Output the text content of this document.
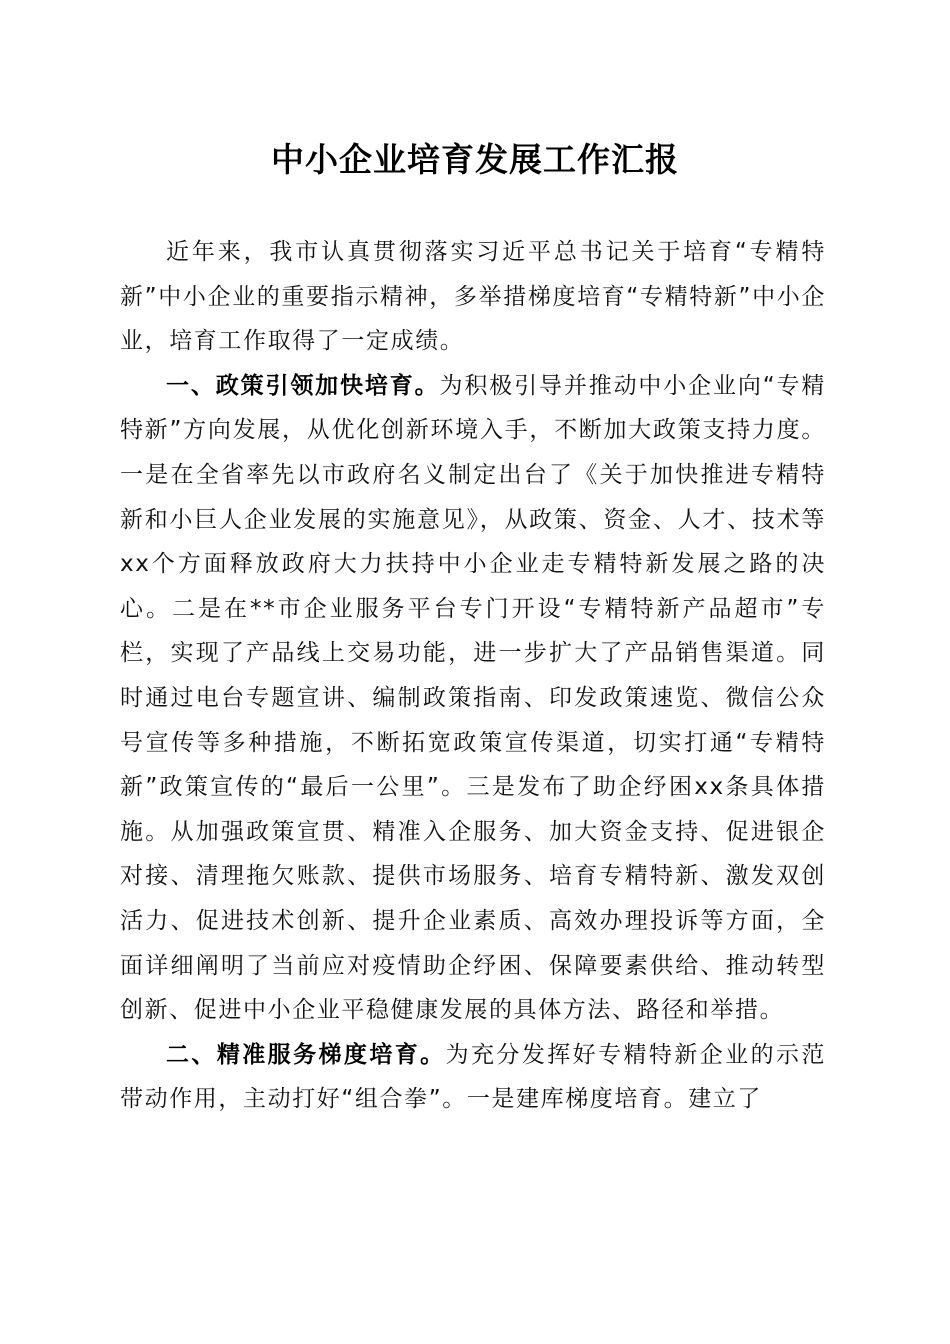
中小企业培育发展工作汇报

近年来，我市认真贯彻落实习近平总书记关于培育“专精特新”中小企业的重要指示精神，多举措梯度培育“专精特新”中小企业，培育工作取得了一定成绩。

一、政策引领加快培育。为积极引导并推动中小企业向“专精特新”方向发展，从优化创新环境入手，不断加大政策支持力度。一是在全省率先以市政府名义制定出台了《关于加快推进专精特新和小巨人企业发展的实施意见》，从政策、资金、人才、技术等xx个方面释放政府大力扶持中小企业走专精特新发展之路的决心。二是在**市企业服务平台专门开设“专精特新产品超市”专栏，实现了产品线上交易功能，进一步扩大了产品销售渠道。同时通过电台专题宣讲、编制政策指南、印发政策速览、微信公众号宣传等多种措施，不断拓宽政策宣传渠道，切实打通“专精特新”政策宣传的“最后一公里”。三是发布了助企纾困xx条具体措施。从加强政策宣贯、精准入企服务、加大资金支持、促进银企对接、清理拖欠账款、提供市场服务、培育专精特新、激发双创活力、促进技术创新、提升企业素质、高效办理投诉等方面，全面详细阐明了当前应对疫情助企纾困、保障要素供给、推动转型创新、促进中小企业平稳健康发展的具体方法、路径和举措。

二、精准服务梯度培育。为充分发挥好专精特新企业的示范带动作用，主动打好“组合拳”。一是建库梯度培育。建立了
